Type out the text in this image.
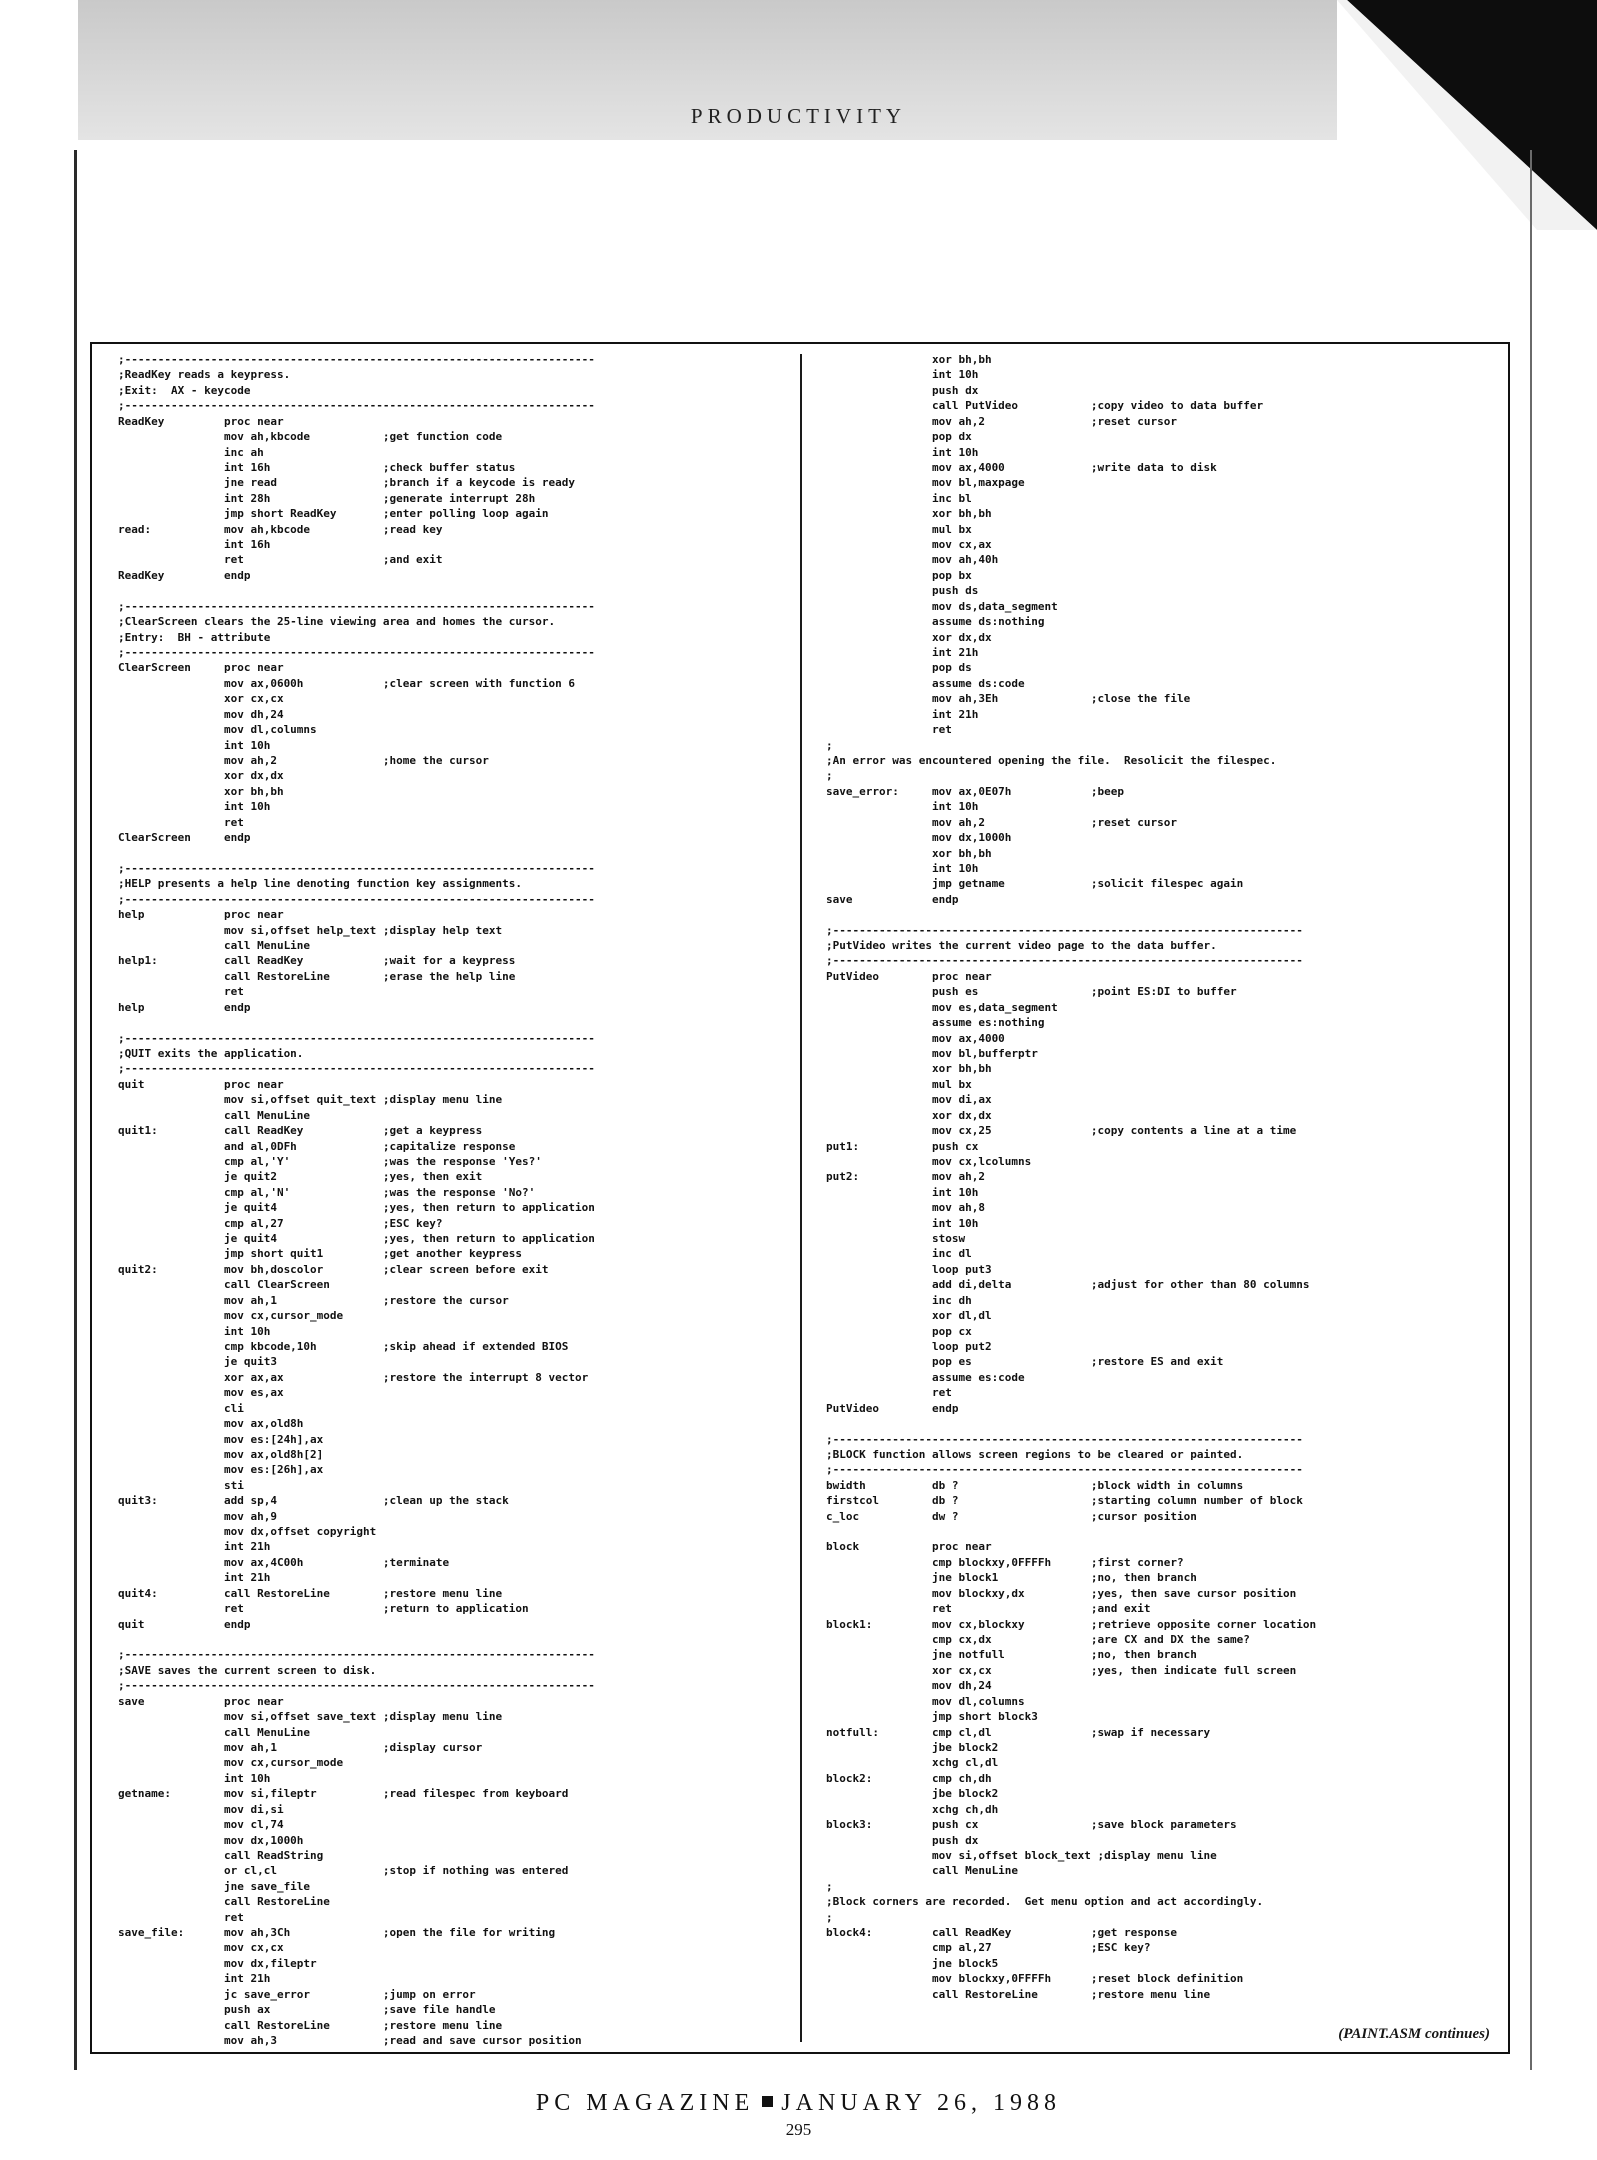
PRODUCTIVITY
;-----------------------------------------------------------------------
;ReadKey reads a keypress.
;Exit:  AX - keycode
;-----------------------------------------------------------------------
ReadKey         proc near
mov ah,kbcode           ;get function code
inc ah
int 16h                 ;check buffer status
jne read                ;branch if a keycode is ready
int 28h                 ;generate interrupt 28h
jmp short ReadKey       ;enter polling loop again
read:           mov ah,kbcode           ;read key
int 16h
ret                     ;and exit
ReadKey         endp
;-----------------------------------------------------------------------
;ClearScreen clears the 25-line viewing area and homes the cursor.
;Entry:  BH - attribute
;-----------------------------------------------------------------------
ClearScreen     proc near
mov ax,0600h            ;clear screen with function 6
xor cx,cx
mov dh,24
mov dl,columns
int 10h
mov ah,2                ;home the cursor
xor dx,dx
xor bh,bh
int 10h
ret
ClearScreen     endp
;-----------------------------------------------------------------------
;HELP presents a help line denoting function key assignments.
;-----------------------------------------------------------------------
help            proc near
mov si,offset help_text ;display help text
call MenuLine
help1:          call ReadKey            ;wait for a keypress
call RestoreLine        ;erase the help line
ret
help            endp
;-----------------------------------------------------------------------
;QUIT exits the application.
;-----------------------------------------------------------------------
quit            proc near
mov si,offset quit_text ;display menu line
call MenuLine
quit1:          call ReadKey            ;get a keypress
and al,0DFh             ;capitalize response
cmp al,'Y'              ;was the response 'Yes?'
je quit2                ;yes, then exit
cmp al,'N'              ;was the response 'No?'
je quit4                ;yes, then return to application
cmp al,27               ;ESC key?
je quit4                ;yes, then return to application
jmp short quit1         ;get another keypress
quit2:          mov bh,doscolor         ;clear screen before exit
call ClearScreen
mov ah,1                ;restore the cursor
mov cx,cursor_mode
int 10h
cmp kbcode,10h          ;skip ahead if extended BIOS
je quit3
xor ax,ax               ;restore the interrupt 8 vector
mov es,ax
cli
mov ax,old8h
mov es:[24h],ax
mov ax,old8h[2]
mov es:[26h],ax
sti
quit3:          add sp,4                ;clean up the stack
mov ah,9
mov dx,offset copyright
int 21h
mov ax,4C00h            ;terminate
int 21h
quit4:          call RestoreLine        ;restore menu line
ret                     ;return to application
quit            endp
;-----------------------------------------------------------------------
;SAVE saves the current screen to disk.
;-----------------------------------------------------------------------
save            proc near
mov si,offset save_text ;display menu line
call MenuLine
mov ah,1                ;display cursor
mov cx,cursor_mode
int 10h
getname:        mov si,fileptr          ;read filespec from keyboard
mov di,si
mov cl,74
mov dx,1000h
call ReadString
or cl,cl                ;stop if nothing was entered
jne save_file
call RestoreLine
ret
save_file:      mov ah,3Ch              ;open the file for writing
mov cx,cx
mov dx,fileptr
int 21h
jc save_error           ;jump on error
push ax                 ;save file handle
call RestoreLine        ;restore menu line
mov ah,3                ;read and save cursor position
xor bh,bh
int 10h
push dx
call PutVideo           ;copy video to data buffer
mov ah,2                ;reset cursor
pop dx
int 10h
mov ax,4000             ;write data to disk
mov bl,maxpage
inc bl
xor bh,bh
mul bx
mov cx,ax
mov ah,40h
pop bx
push ds
mov ds,data_segment
assume ds:nothing
xor dx,dx
int 21h
pop ds
assume ds:code
mov ah,3Eh              ;close the file
int 21h
ret
;
;An error was encountered opening the file.  Resolicit the filespec.
;
save_error:     mov ax,0E07h            ;beep
int 10h
mov ah,2                ;reset cursor
mov dx,1000h
xor bh,bh
int 10h
jmp getname             ;solicit filespec again
save            endp
;-----------------------------------------------------------------------
;PutVideo writes the current video page to the data buffer.
;-----------------------------------------------------------------------
PutVideo        proc near
push es                 ;point ES:DI to buffer
mov es,data_segment
assume es:nothing
mov ax,4000
mov bl,bufferptr
xor bh,bh
mul bx
mov di,ax
xor dx,dx
mov cx,25               ;copy contents a line at a time
put1:           push cx
mov cx,lcolumns
put2:           mov ah,2
int 10h
mov ah,8
int 10h
stosw
inc dl
loop put3
add di,delta            ;adjust for other than 80 columns
inc dh
xor dl,dl
pop cx
loop put2
pop es                  ;restore ES and exit
assume es:code
ret
PutVideo        endp
;-----------------------------------------------------------------------
;BLOCK function allows screen regions to be cleared or painted.
;-----------------------------------------------------------------------
bwidth          db ?                    ;block width in columns
firstcol        db ?                    ;starting column number of block
c_loc           dw ?                    ;cursor position
block           proc near
cmp blockxy,0FFFFh      ;first corner?
jne block1              ;no, then branch
mov blockxy,dx          ;yes, then save cursor position
ret                     ;and exit
block1:         mov cx,blockxy          ;retrieve opposite corner location
cmp cx,dx               ;are CX and DX the same?
jne notfull             ;no, then branch
xor cx,cx               ;yes, then indicate full screen
mov dh,24
mov dl,columns
jmp short block3
notfull:        cmp cl,dl               ;swap if necessary
jbe block2
xchg cl,dl
block2:         cmp ch,dh
jbe block2
xchg ch,dh
block3:         push cx                 ;save block parameters
push dx
mov si,offset block_text ;display menu line
call MenuLine
;
;Block corners are recorded.  Get menu option and act accordingly.
;
block4:         call ReadKey            ;get response
cmp al,27               ;ESC key?
jne block5
mov blockxy,0FFFFh      ;reset block definition
call RestoreLine        ;restore menu line
(PAINT.ASM continues)
PC MAGAZINE JANUARY 26, 1988
295
